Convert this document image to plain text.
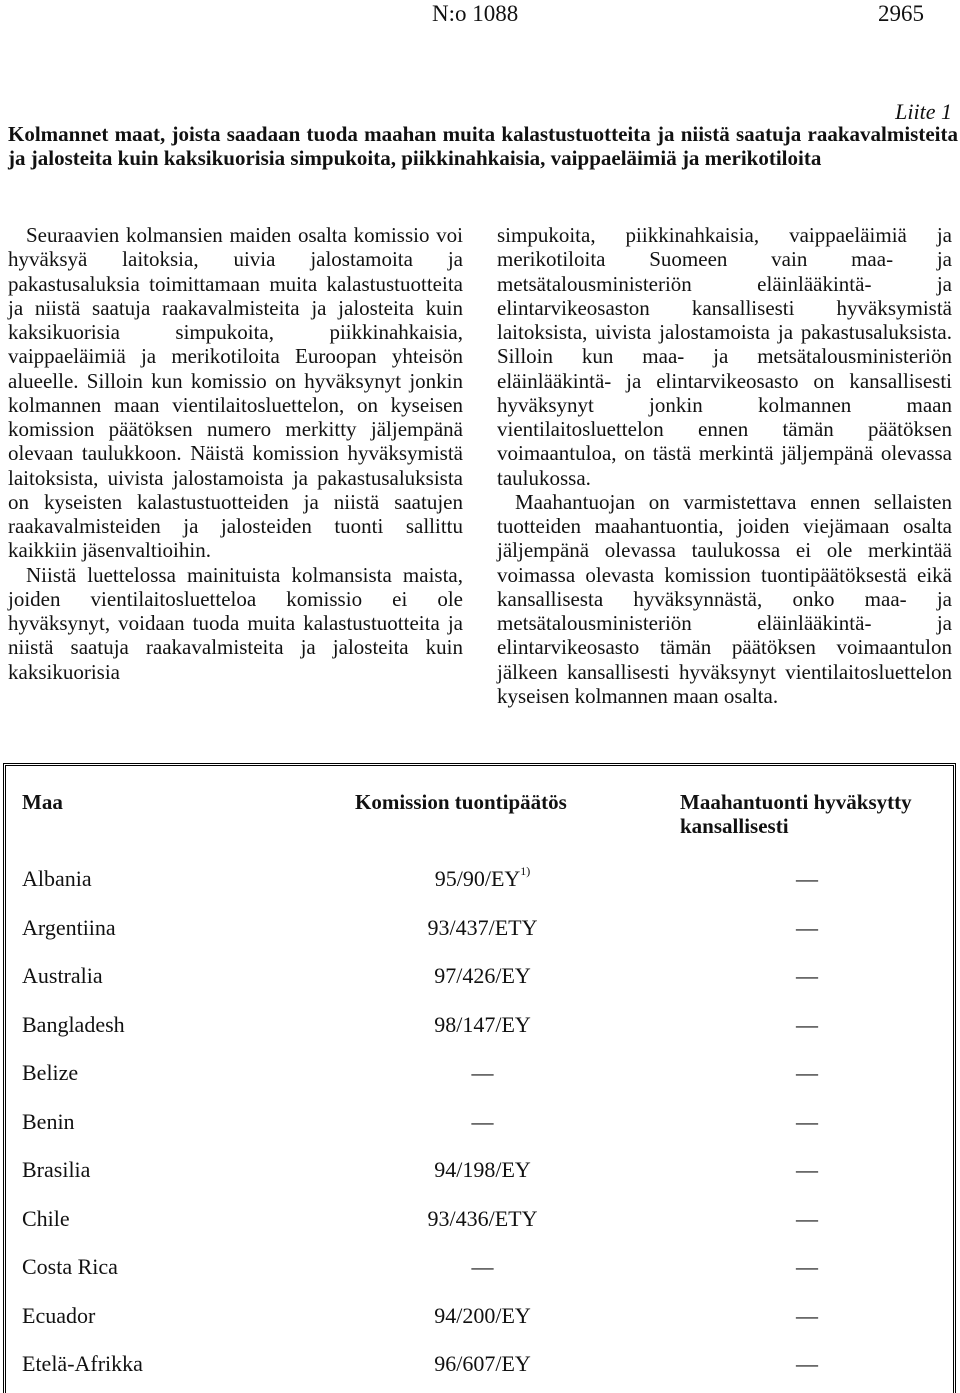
N:o 1088	2965
Liite 1
Kolmannet maat, joista saadaan tuoda maahan muita kalastustuotteita ja niistä saatuja raakavalmisteita ja jalosteita kuin kaksikuorisia simpukoita, piikkinahkaisia, vaippaeläimiä ja merikotiloita

Seuraavien kolmansien maiden osalta komissio voi hyväksyä laitoksia, uivia jalostamoita ja pakastusaluksia toimittamaan muita kalastustuotteita ja niistä saatuja raakavalmisteita ja jalosteita kuin kaksikuorisia simpukoita, piikkinahkaisia, vaippaeläimiä ja merikotiloita Euroopan yhteisön alueelle. Silloin kun komissio on hyväksynyt jonkin kolmannen maan vientilaitosluettelon, on kyseisen komission päätöksen numero merkitty jäljempänä olevaan taulukkoon. Näistä komission hyväksymistä laitoksista, uivista jalostamoista ja pakastusaluksista on kyseisten kalastustuotteiden ja niistä saatujen raakavalmisteiden ja jalosteiden tuonti sallittu kaikkiin jäsenvaltioihin.

Niistä luettelossa mainituista kolmansista maista, joiden vientilaitosluetteloa komissio ei ole hyväksynyt, voidaan tuoda muita kalastustuotteita ja niistä saatuja raakavalmisteita ja jalosteita kuin kaksikuorisia

simpukoita, piikkinahkaisia, vaippaeläimiä ja merikotiloita Suomeen vain maa- ja metsätalousministeriön eläinlääkintä- ja elintarvikeosaston kansallisesti hyväksymistä laitoksista, uivista jalostamoista ja pakastusaluksista. Silloin kun maa- ja metsätalousministeriön eläinlääkintä- ja elintarvikeosasto on kansallisesti hyväksynyt jonkin kolmannen maan vientilaitosluettelon ennen tämän päätöksen voimaantuloa, on tästä merkintä jäljempänä olevassa taulukossa.

Maahantuojan on varmistettava ennen sellaisten tuotteiden maahantuontia, joiden viejämaan osalta jäljempänä olevassa taulukossa ei ole merkintää voimassa olevasta komission tuontipäätöksestä eikä kansallisesta hyväksynnästä, onko maa- ja metsätalousministeriön eläinlääkintä- ja elintarvikeosasto tämän päätöksen voimaantulon jälkeen kansallisesti hyväksynyt vientilaitosluettelon kyseisen kolmannen maan osalta.

Maa	Komission tuontipäätös	Maahantuonti hyväksytty kansallisesti
Albania	95/90/EY$^{1)}$	—
Argentiina	93/437/ETY	—
Australia	97/426/EY	—
Bangladesh	98/147/EY	—
Belize	—	—
Benin	—	—
Brasilia	94/198/EY	—
Chile	93/436/ETY	—
Costa Rica	—	—
Ecuador	94/200/EY	—
Etelä-Afrikka	96/607/EY	—
